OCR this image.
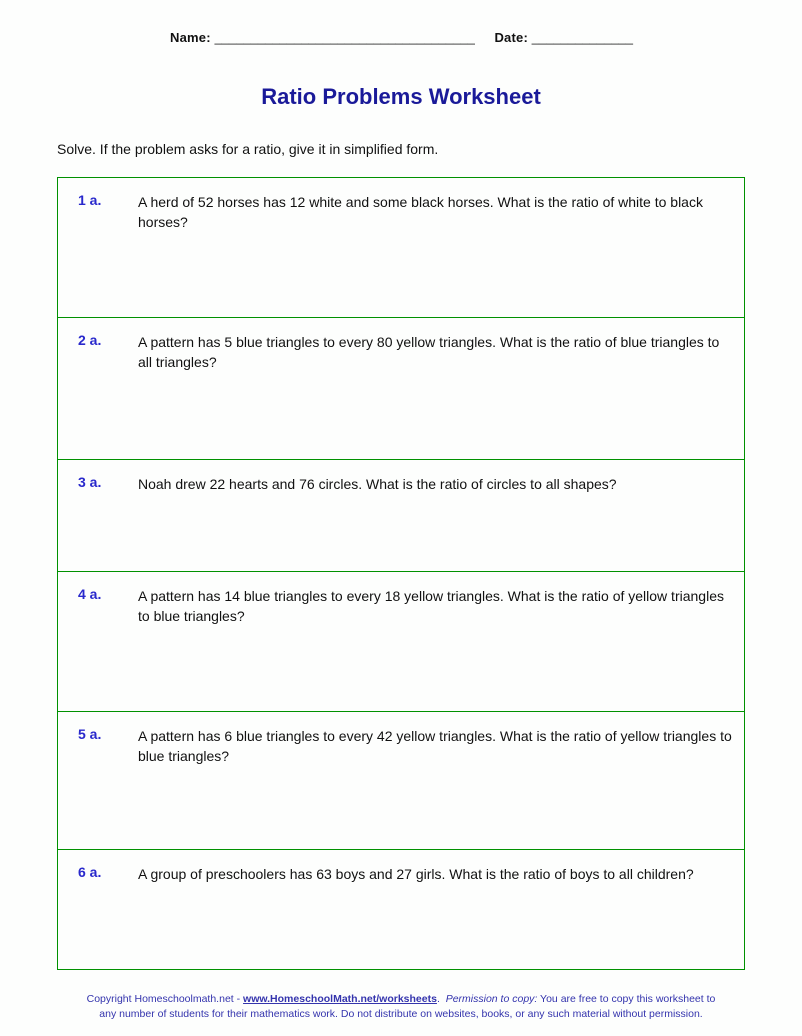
Name: ____________________________________ Date: ______________
Ratio Problems Worksheet
Solve. If the problem asks for a ratio, give it in simplified form.
1 a.	A herd of 52 horses has 12 white and some black horses. What is the ratio of white to black horses?
2 a.	A pattern has 5 blue triangles to every 80 yellow triangles. What is the ratio of blue triangles to all triangles?
3 a.	Noah drew 22 hearts and 76 circles. What is the ratio of circles to all shapes?
4 a.	A pattern has 14 blue triangles to every 18 yellow triangles. What is the ratio of yellow triangles to blue triangles?
5 a.	A pattern has 6 blue triangles to every 42 yellow triangles. What is the ratio of yellow triangles to blue triangles?
6 a.	A group of preschoolers has 63 boys and 27 girls. What is the ratio of boys to all children?
Copyright Homeschoolmath.net - www.HomeschoolMath.net/worksheets.  Permission to copy: You are free to copy this worksheet to any number of students for their mathematics work. Do not distribute on websites, books, or any such material without permission.
